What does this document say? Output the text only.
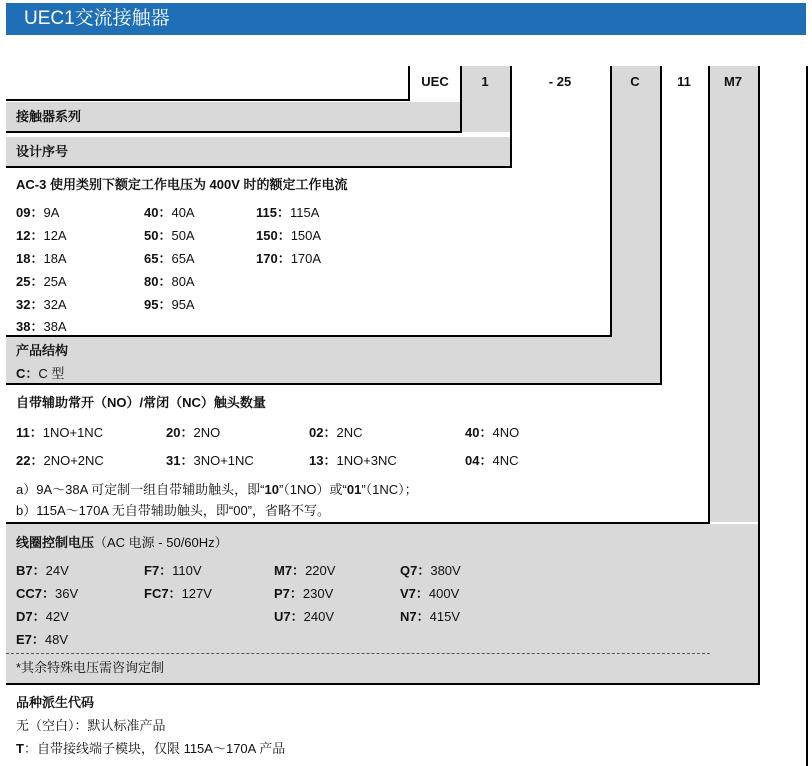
UEC1交流接触器
UEC	1	- 25	C	11	M7
接触器系列
设计序号
AC-3 使用类别下额定工作电压为 400V 时的额定工作电流
09：9A
12：12A
18：18A
25：25A
32：32A
38：38A
40：40A
50：50A
65：65A
80：80A
95：95A
115：115A
150：150A
170：170A
产品结构
C：C 型
自带辅助常开（NO）/常闭（NC）触头数量
11：1NO+1NC	20：2NO	02：2NC	40：4NO
22：2NO+2NC	31：3NO+1NC	13：1NO+3NC	04：4NC
a）9A～38A 可定制一组自带辅助触头，即“10”（1NO）或“01”（1NC）；
b）115A～170A 无自带辅助触头，即“00”，省略不写。
线圈控制电压（AC 电源 - 50/60Hz）
B7：24V
CC7：36V
D7：42V
E7：48V
F7：110V
FC7：127V
M7：220V
P7：230V
U7：240V
Q7：380V
V7：400V
N7：415V
*其余特殊电压需咨询定制
品种派生代码
无（空白）：默认标准产品
T：自带接线端子模块，仅限 115A～170A 产品
